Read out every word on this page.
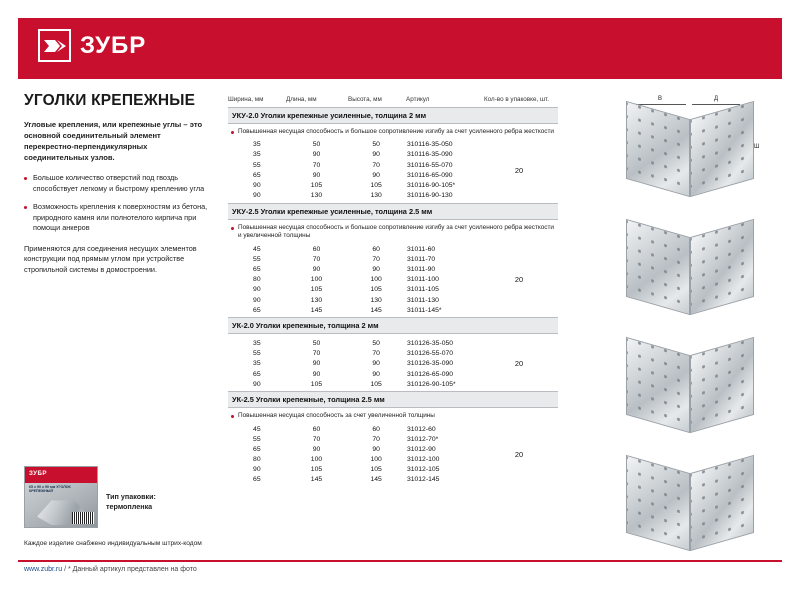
ЗУБР
УГОЛКИ КРЕПЕЖНЫЕ

Угловые крепления, или крепежные углы – это основной соединительный элемент перекрестно-перпендикулярных соединительных узлов.

Большое количество отверстий под гвоздь способствует легкому и быстрому креплению угла
Возможность крепления к поверхностям из бетона, природного камня или полнотелого кирпича при помощи анкеров

Применяются для соединения несущих элементов конструкции под прямым углом при устройстве стропильной системы в домостроении.

ЗУБР
65 x 90 x 90 мм УГОЛОК КРЕПЕЖНЫЙ
Тип упаковки: термопленка
Каждое изделие снабжено индивидуальным штрих-кодом
Ширина, мм	Длина, мм	Высота, мм	Артикул	Кол-во в упаковке, шт.
УКУ-2.0 Уголки крепежные усиленные, толщина 2 мм
Повышенная несущая способность и большое сопротивление изгибу за счет усиленного ребра жесткости
20
35	50	50	310116-35-050
35	90	90	310116-35-090
55	70	70	310116-55-070
65	90	90	310116-65-090
90	105	105	310116-90-105*
90	130	130	310116-90-130
УКУ-2.5 Уголки крепежные усиленные, толщина 2.5 мм
Повышенная несущая способность и большое сопротивление изгибу за счет усиленного ребра жесткости и увеличенной толщины
20
45	60	60	31011-60
55	70	70	31011-70
65	90	90	31011-90
80	100	100	31011-100
90	105	105	31011-105
90	130	130	31011-130
65	145	145	31011-145*
УК-2.0 Уголки крепежные, толщина 2 мм
20
35	50	50	310126-35-050
55	70	70	310126-55-070
35	90	90	310126-35-090
65	90	90	310126-65-090
90	105	105	310126-90-105*
УК-2.5 Уголки крепежные, толщина 2.5 мм
Повышенная несущая способность за счет увеличенной толщины
20
45	60	60	31012-60
55	70	70	31012-70*
65	90	90	31012-90
80	100	100	31012-100
90	105	105	31012-105
65	145	145	31012-145
В	Д
Ш
www.zubr.ru / * Данный артикул представлен на фото
